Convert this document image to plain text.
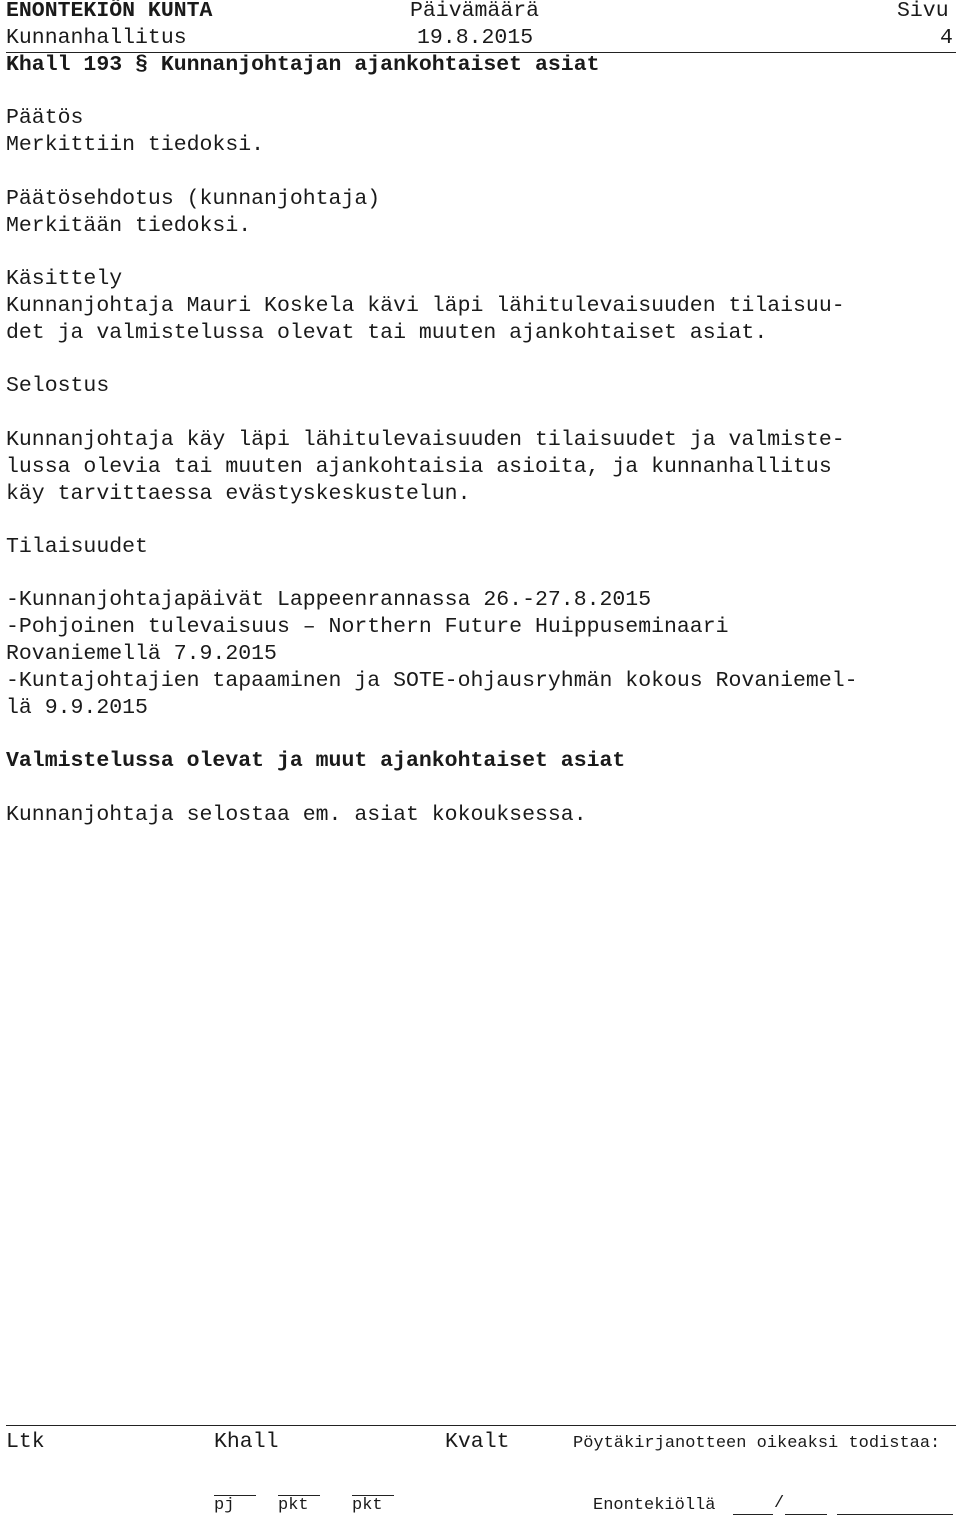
ENONTEKIÖN KUNTA	Päivämäärä	Sivu
Kunnanhallitus	19.8.2015	4
Khall 193 § Kunnanjohtajan ajankohtaiset asiat
Päätös
Merkittiin tiedoksi.
Päätösehdotus (kunnanjohtaja)
Merkitään tiedoksi.
Käsittely
Kunnanjohtaja Mauri Koskela kävi läpi lähitulevaisuuden tilaisuu-
det ja valmistelussa olevat tai muuten ajankohtaiset asiat.
Selostus
Kunnanjohtaja käy läpi lähitulevaisuuden tilaisuudet ja valmiste-
lussa olevia tai muuten ajankohtaisia asioita, ja kunnanhallitus
käy tarvittaessa evästyskeskustelun.
Tilaisuudet
-Kunnanjohtajapäivät Lappeenrannassa 26.-27.8.2015
-Pohjoinen tulevaisuus – Northern Future Huippuseminaari
Rovaniemellä 7.9.2015
-Kuntajohtajien tapaaminen ja SOTE-ohjausryhmän kokous Rovaniemel-
lä 9.9.2015
Valmistelussa olevat ja muut ajankohtaiset asiat
Kunnanjohtaja selostaa em. asiat kokouksessa.
Ltk	Khall	Kvalt	Pöytäkirjanotteen oikeaksi todistaa:
pj	pkt	pkt	Enontekiöllä	/
